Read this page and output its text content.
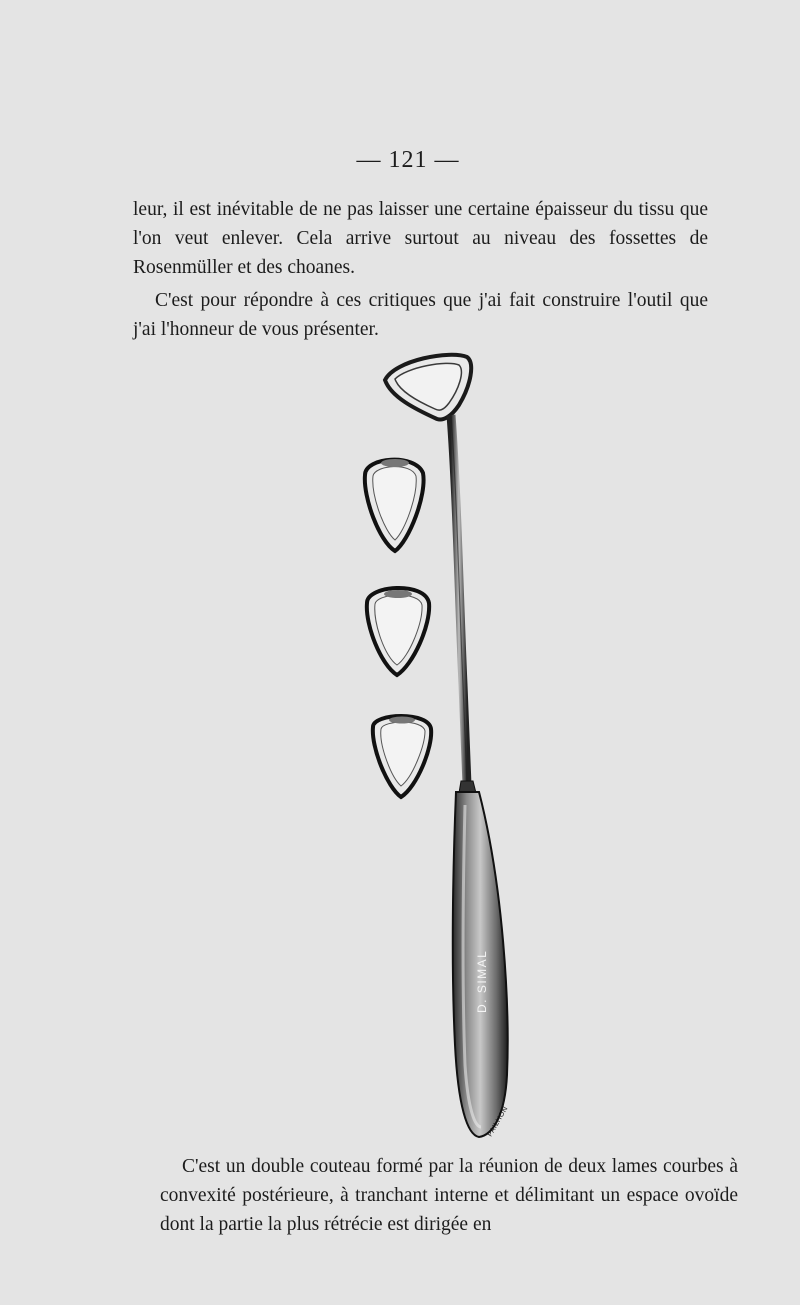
— 121 —

leur, il est inévitable de ne pas laisser une certaine épaisseur du tissu que l'on veut enlever. Cela arrive surtout au niveau des fossettes de Rosenmüller et des choanes.

C'est pour répondre à ces critiques que j'ai fait construire l'outil que j'ai l'honneur de vous présenter.

D. SIMAL
PAILHON

C'est un double couteau formé par la réunion de deux lames courbes à convexité postérieure, à tranchant interne et délimitant un espace ovoïde dont la partie la plus rétrécie est dirigée en
